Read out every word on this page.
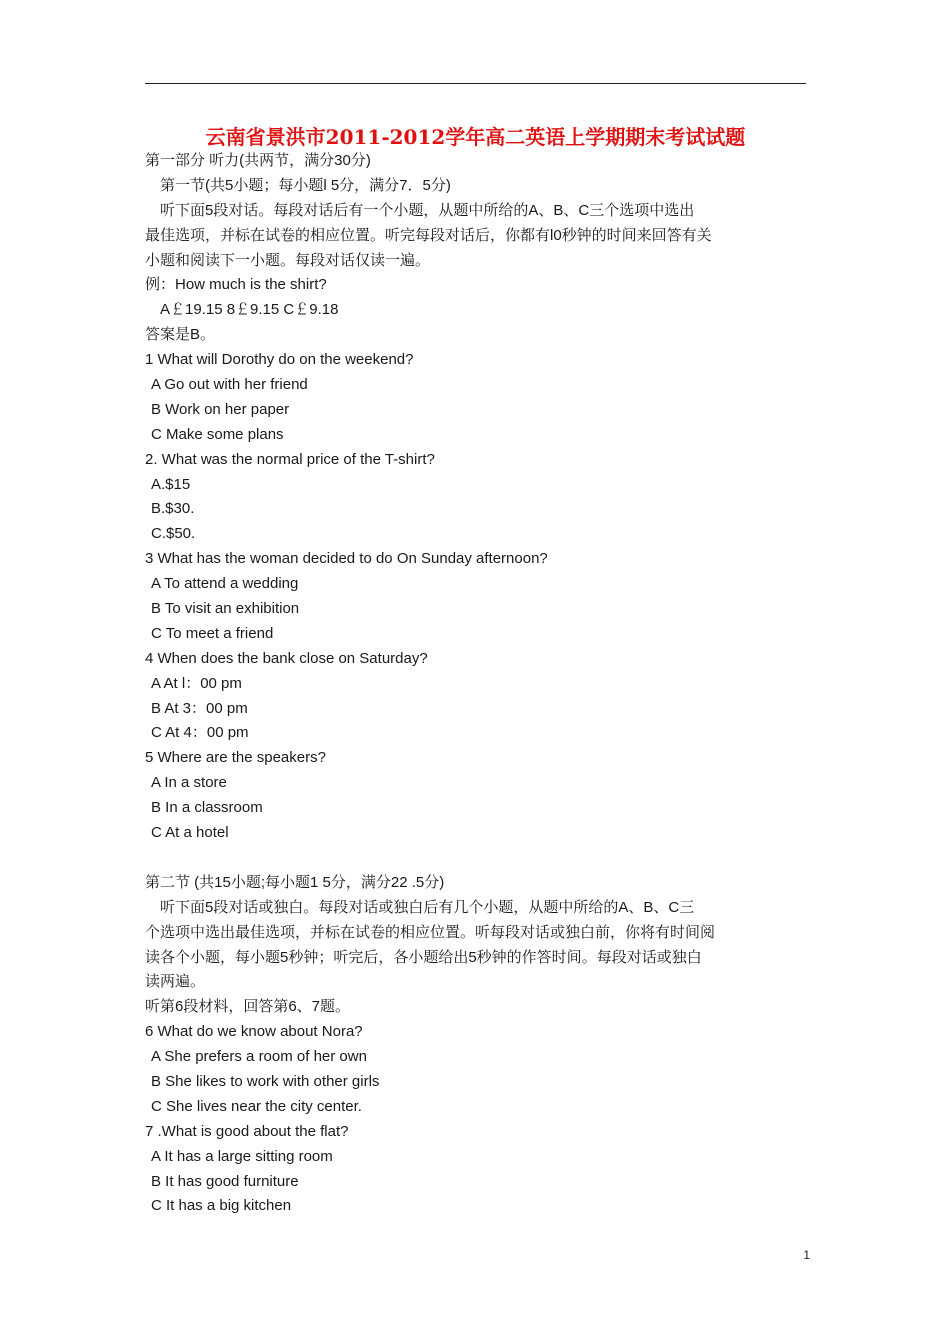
云南省景洪市2011-2012学年高二英语上学期期末考试试题
第一部分 听力(共两节，满分30分)
第一节(共5小题；每小题l 5分，满分7．5分)
听下面5段对话。每段对话后有一个小题，从题中所给的A、B、C三个选项中选出
最佳选项，并标在试卷的相应位置。听完每段对话后，你都有l0秒钟的时间来回答有关
小题和阅读下一小题。每段对话仅读一遍。
例：How much is the shirt?
A￡19.15 8￡9.15 C￡9.18
答案是B。
1 What will Dorothy do on the weekend?
A Go out with her friend
B Work on her paper
C Make some plans
2. What was the normal price of the T-shirt?
A.$15
B.$30.
C.$50.
3 What has the woman decided to do On Sunday afternoon?
A To attend a wedding
B To visit an exhibition
C To meet a friend
4 When does the bank close on Saturday?
A At l：00 pm
B At 3：00 pm
C At 4：00 pm
5 Where are the speakers?
A In a store
B In a classroom
C At a hotel
第二节 (共15小题;每小题1 5分，满分22 .5分)
听下面5段对话或独白。每段对话或独白后有几个小题，从题中所给的A、B、C三
个选项中选出最佳选项，并标在试卷的相应位置。听每段对话或独白前，你将有时间阅
读各个小题，每小题5秒钟；听完后，各小题给出5秒钟的作答时间。每段对话或独白
读两遍。
听第6段材料，回答第6、7题。
6 What do we know about Nora?
A She prefers a room of her own
B She likes to work with other girls
C She lives near the city center.
7 .What is good about the flat?
A It has a large sitting room
B It has good furniture
C It has a big kitchen
1
